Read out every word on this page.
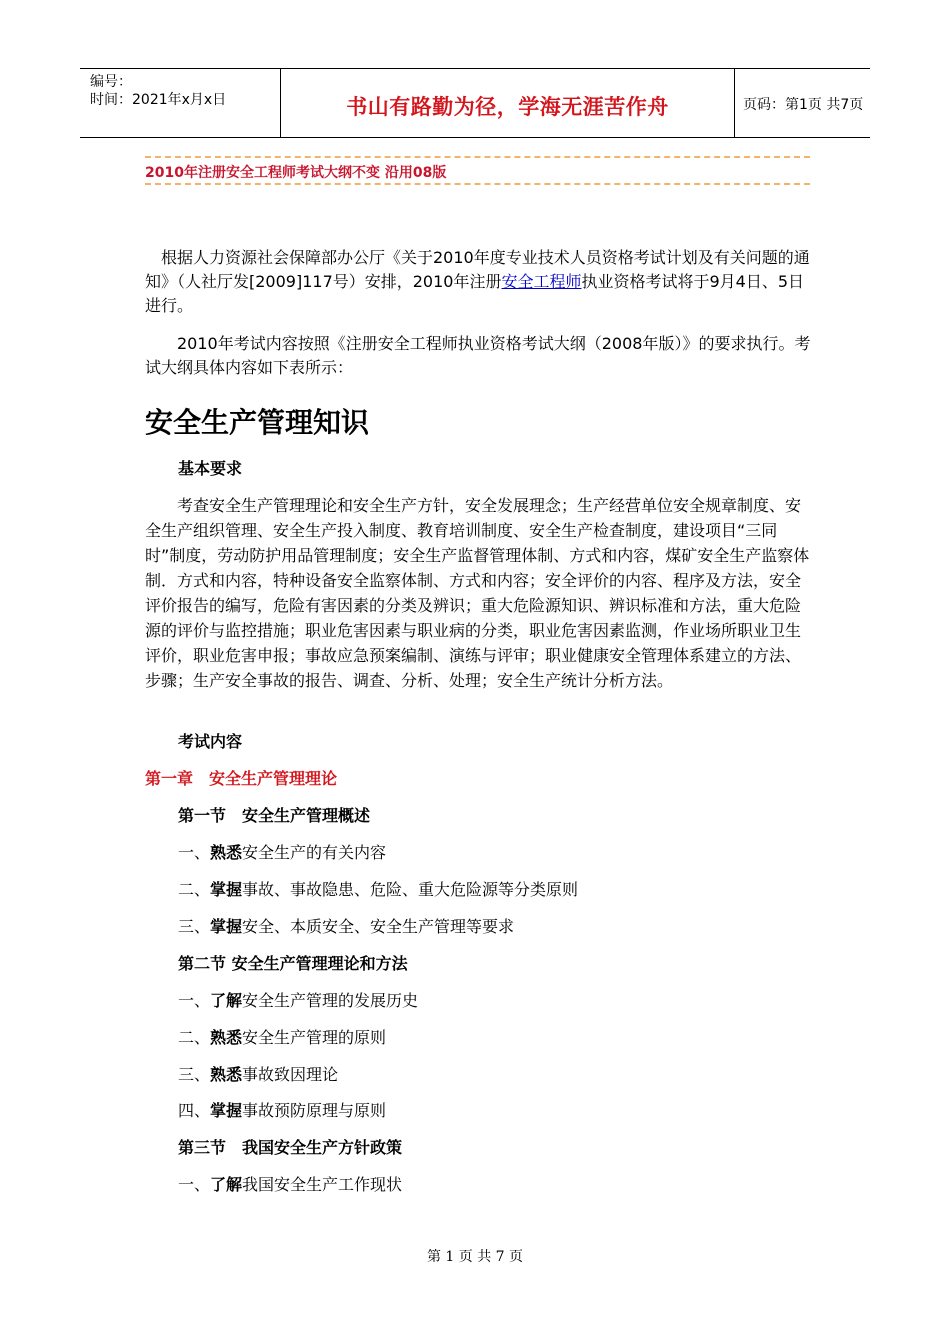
编号：
时间：2021年x月x日	书山有路勤为径，学海无涯苦作舟	页码：第1页 共7页
2010年注册安全工程师考试大纲不变 沿用08版
根据人力资源社会保障部办公厅《关于2010年度专业技术人员资格考试计划及有关问题的通知》（人社厅发[2009]117号）安排，2010年注册安全工程师执业资格考试将于9月4日、5日进行。
2010年考试内容按照《注册安全工程师执业资格考试大纲（2008年版）》的要求执行。考试大纲具体内容如下表所示：
安全生产管理知识
基本要求
考查安全生产管理理论和安全生产方针，安全发展理念；生产经营单位安全规章制度、安全生产组织管理、安全生产投入制度、教育培训制度、安全生产检查制度，建设项目“三同时”制度，劳动防护用品管理制度；安全生产监督管理体制、方式和内容，煤矿安全生产监察体制．方式和内容，特种设备安全监察体制、方式和内容；安全评价的内容、程序及方法，安全评价报告的编写，危险有害因素的分类及辨识；重大危险源知识、辨识标准和方法，重大危险源的评价与监控措施；职业危害因素与职业病的分类，职业危害因素监测，作业场所职业卫生评价，职业危害申报；事故应急预案编制、演练与评审；职业健康安全管理体系建立的方法、步骤；生产安全事故的报告、调查、分析、处理；安全生产统计分析方法。
考试内容
第一章　安全生产管理理论
第一节　安全生产管理概述
一、熟悉安全生产的有关内容
二、掌握事故、事故隐患、危险、重大危险源等分类原则
三、掌握安全、本质安全、安全生产管理等要求
第二节 安全生产管理理论和方法
一、了解安全生产管理的发展历史
二、熟悉安全生产管理的原则
三、熟悉事故致因理论
四、掌握事故预防原理与原则
第三节　我国安全生产方针政策
一、了解我国安全生产工作现状
第 1 页 共 7 页
